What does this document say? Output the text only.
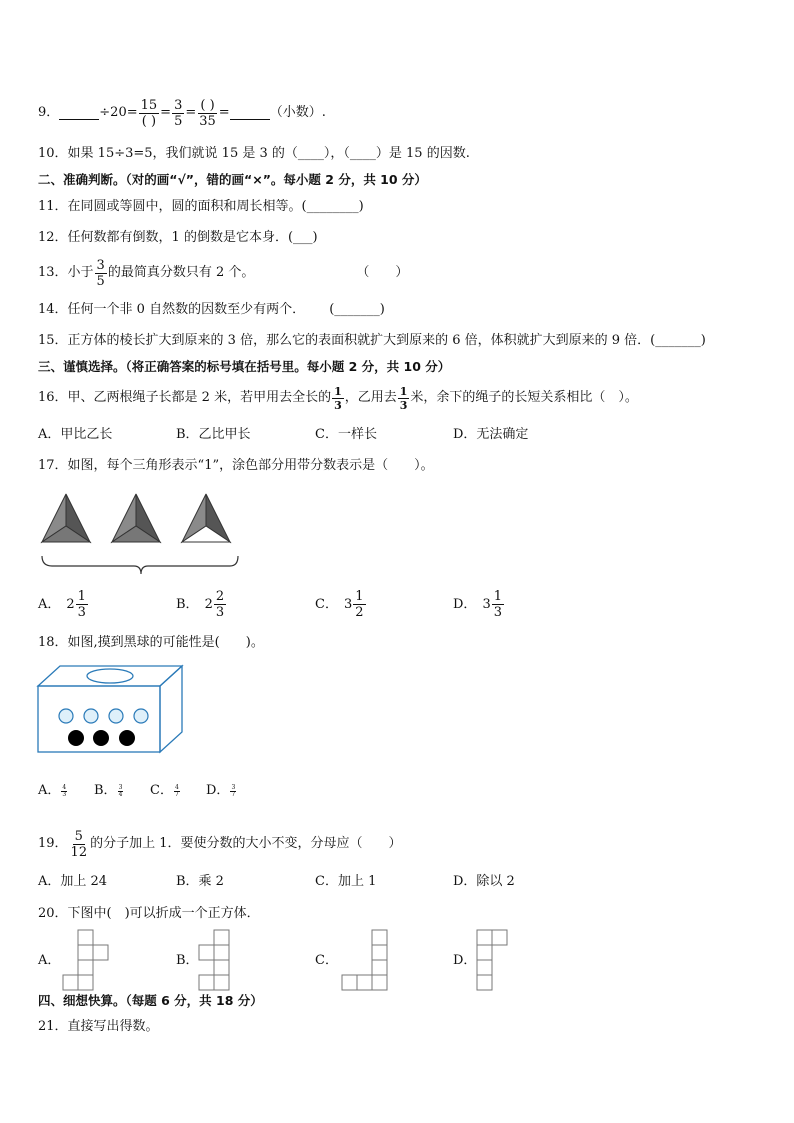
9．	$\div 20= \frac{15}{( )} = \frac{3}{5} = \frac{( )}{35}$ =	（小数）.
10．如果 15÷3=5，我们就说 15 是 3 的（____），（____）是 15 的因数.
二、准确判断。（对的画“√”，错的画“×”。每小题 2 分，共 10 分）
11．在同圆或等圆中，圆的面积和周长相等。(________)
12．任何数都有倒数，1 的倒数是它本身．(___)
13．小于 $\frac{3}{5}$ 的最简真分数只有 2 个。	（　　）
14．任何一个非 0 自然数的因数至少有两个． (_______)
15．正方体的棱长扩大到原来的 3 倍，那么它的表面积就扩大到原来的 6 倍，体积就扩大到原来的 9 倍．(_______)
三、谨慎选择。（将正确答案的标号填在括号里。每小题 2 分，共 10 分）
16．甲、乙两根绳子长都是 2 米，若甲用去全长的 $\frac{1}{3}$ ，乙用去 $\frac{1}{3}$ 米，余下的绳子的长短关系相比（　）。
A．甲比乙长	B．乙比甲长	C．一样长	D．无法确定
17．如图，每个三角形表示“1”，涂色部分用带分数表示是（　　）。
A． $2 \frac{1}{3}$	B． $2 \frac{2}{3}$	C． $3 \frac{1}{2}$	D． $3 \frac{1}{3}$
18．如图,摸到黑球的可能性是(　　)。
A． $\frac{4}{3}$ B． $\frac{3}{4}$ C． $\frac{4}{7}$ D． $\frac{3}{7}$
19． $\frac{5}{12}$ 的分子加上 1．要使分数的大小不变，分母应（　　）
A．加上 24	B．乘 2	C．加上 1	D．除以 2
20．下图中(　)可以折成一个正方体．
A．	B．	C．	D．
四、细想快算。（每题 6 分，共 18 分）
21．直接写出得数。
